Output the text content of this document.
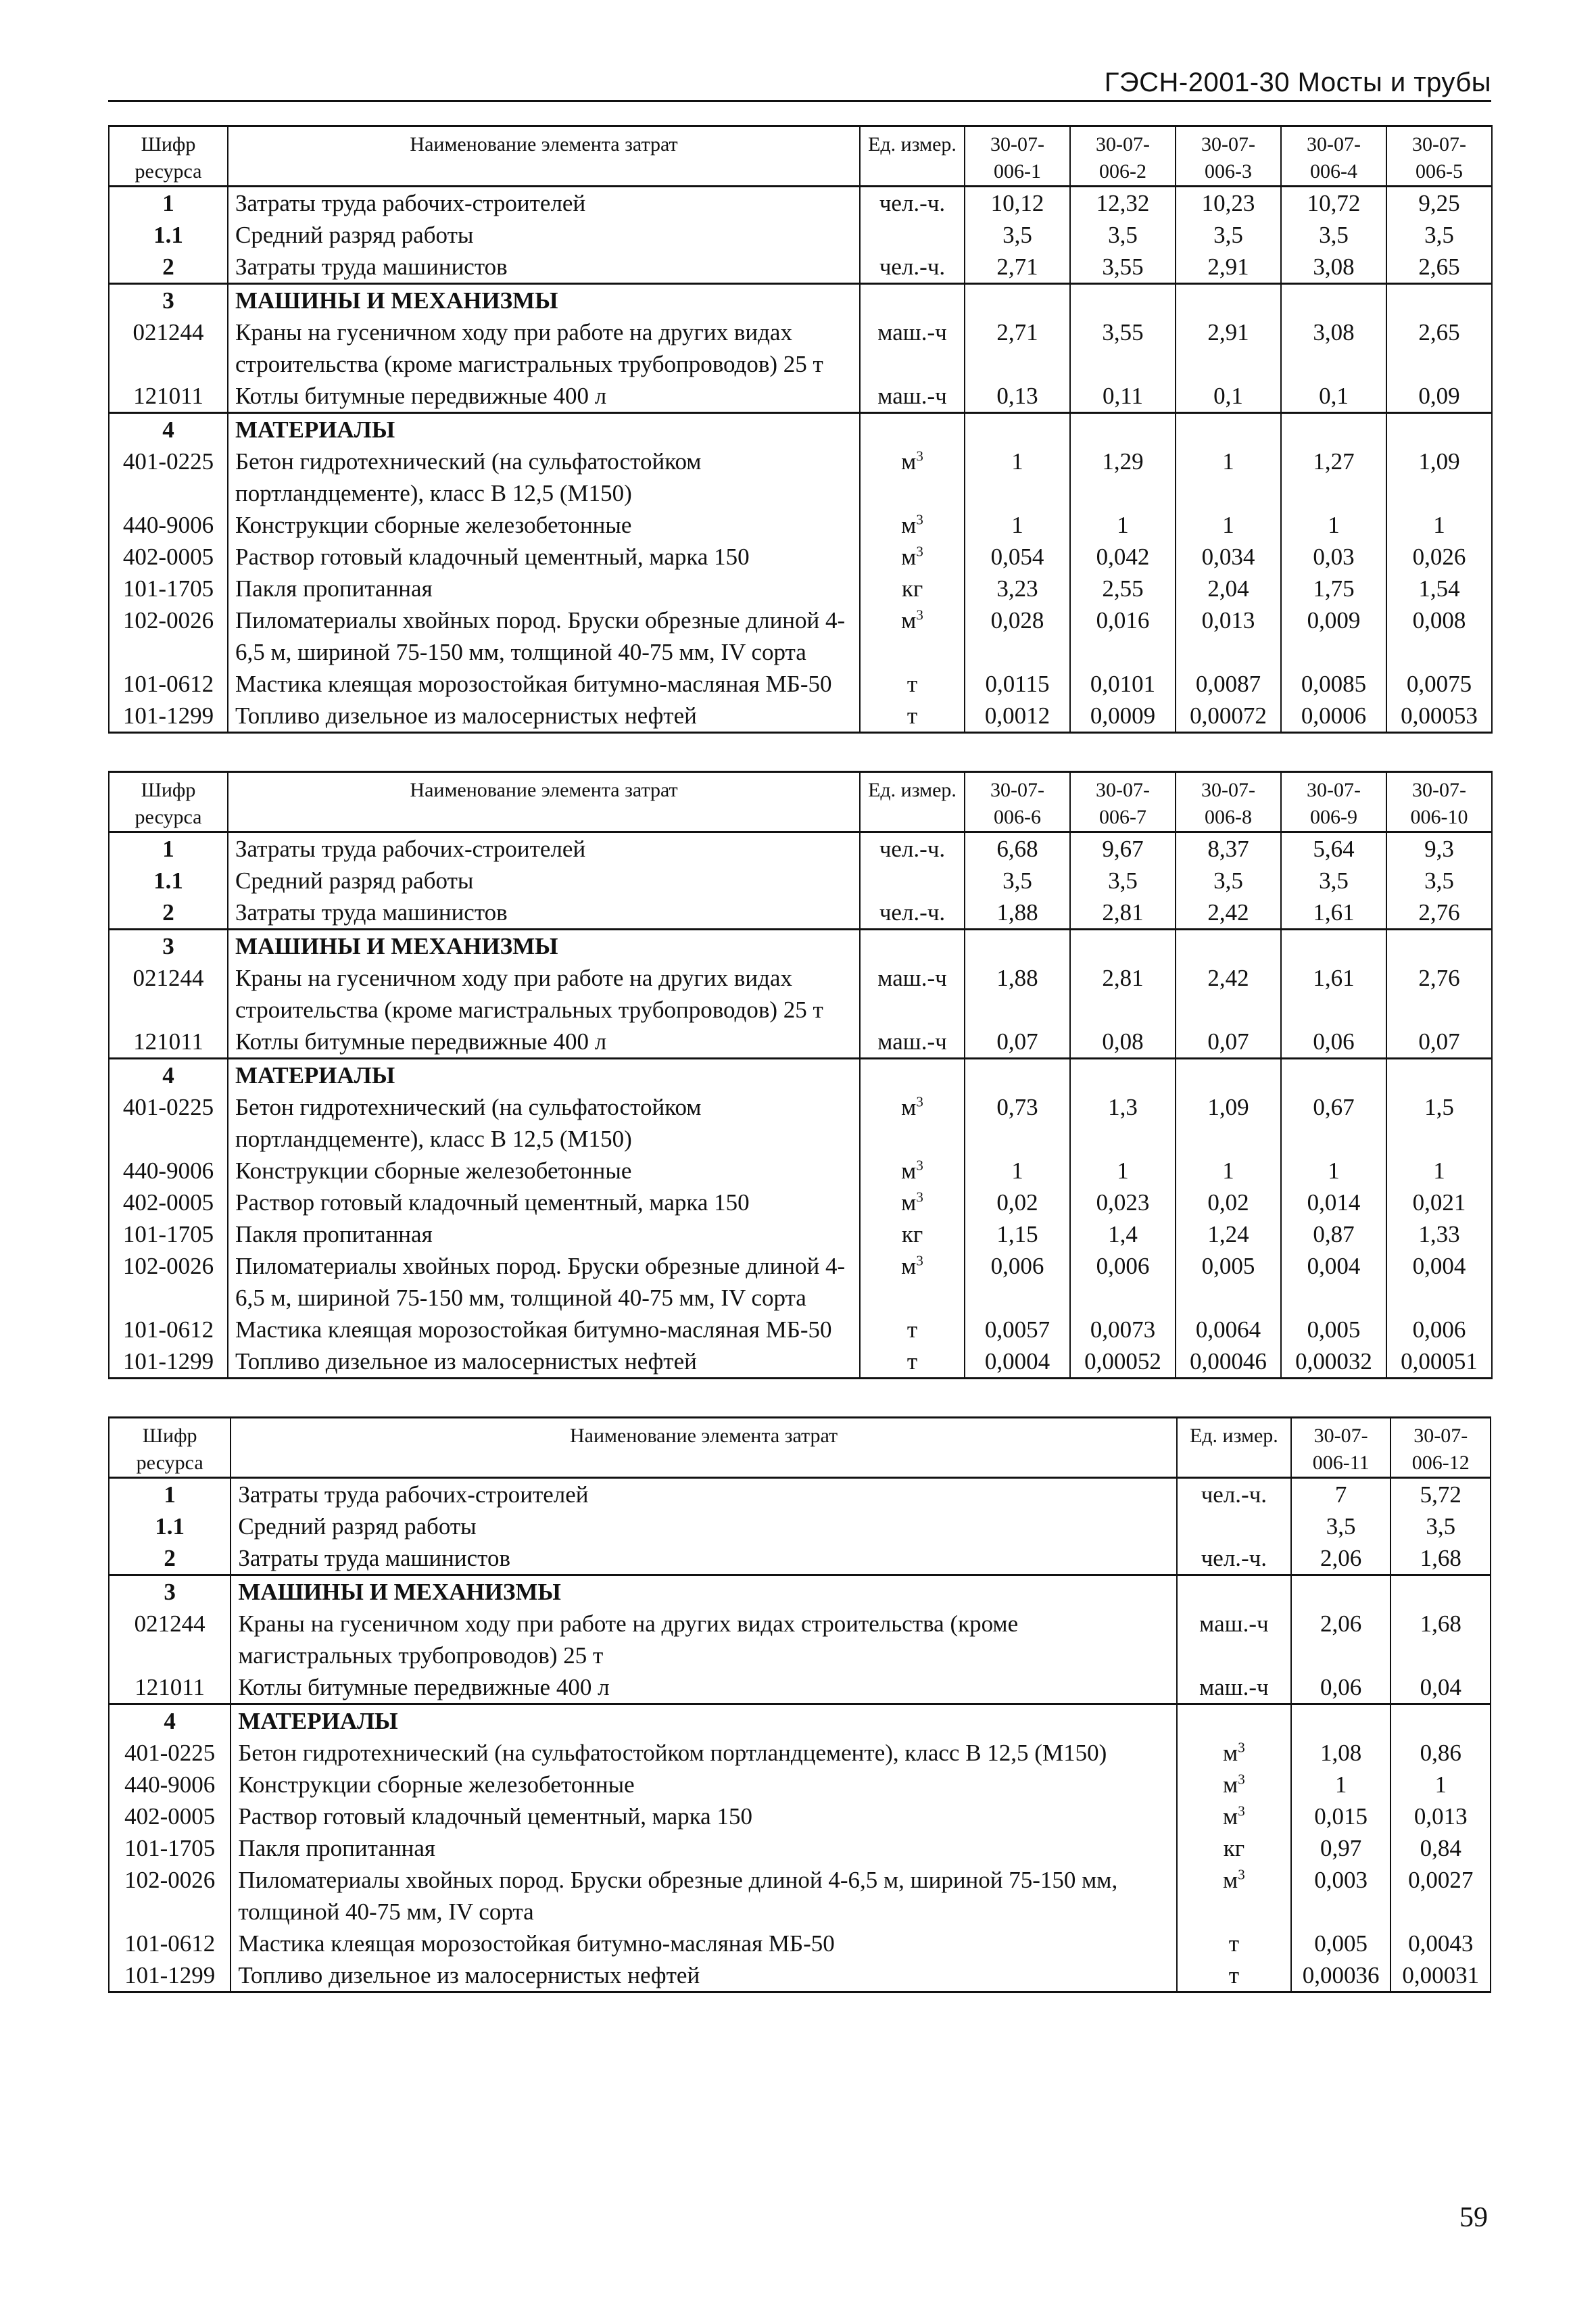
ГЭСН-2001-30 Мосты и трубы
Шифр ресурса	Наименование элемента затрат	Ед. измер.	30-07-006-1	30-07-006-2	30-07-006-3	30-07-006-4	30-07-006-5
1	Затраты труда рабочих-строителей	чел.-ч.	10,12	12,32	10,23	10,72	9,25
1.1	Средний разряд работы		3,5	3,5	3,5	3,5	3,5
2	Затраты труда машинистов	чел.-ч.	2,71	3,55	2,91	3,08	2,65
3	МАШИНЫ И МЕХАНИЗМЫ						
021244	Краны на гусеничном ходу при работе на других видах строительства (кроме магистральных трубопроводов) 25 т	маш.-ч	2,71	3,55	2,91	3,08	2,65
121011	Котлы битумные передвижные 400 л	маш.-ч	0,13	0,11	0,1	0,1	0,09
4	МАТЕРИАЛЫ						
401-0225	Бетон гидротехнический (на сульфатостойком портландцементе), класс В 12,5 (М150)	$м^3$	1	1,29	1	1,27	1,09
440-9006	Конструкции сборные железобетонные	$м^3$	1	1	1	1	1
402-0005	Раствор готовый кладочный цементный, марка 150	$м^3$	0,054	0,042	0,034	0,03	0,026
101-1705	Пакля пропитанная	кг	3,23	2,55	2,04	1,75	1,54
102-0026	Пиломатериалы хвойных пород. Бруски обрезные длиной 4-6,5 м, шириной 75-150 мм, толщиной 40-75 мм, IV сорта	$м^3$	0,028	0,016	0,013	0,009	0,008
101-0612	Мастика клеящая морозостойкая битумно-масляная МБ-50	т	0,0115	0,0101	0,0087	0,0085	0,0075
101-1299	Топливо дизельное из малосернистых нефтей	т	0,0012	0,0009	0,00072	0,0006	0,00053
Шифр ресурса	Наименование элемента затрат	Ед. измер.	30-07-006-6	30-07-006-7	30-07-006-8	30-07-006-9	30-07-006-10
1	Затраты труда рабочих-строителей	чел.-ч.	6,68	9,67	8,37	5,64	9,3
1.1	Средний разряд работы		3,5	3,5	3,5	3,5	3,5
2	Затраты труда машинистов	чел.-ч.	1,88	2,81	2,42	1,61	2,76
3	МАШИНЫ И МЕХАНИЗМЫ						
021244	Краны на гусеничном ходу при работе на других видах строительства (кроме магистральных трубопроводов) 25 т	маш.-ч	1,88	2,81	2,42	1,61	2,76
121011	Котлы битумные передвижные 400 л	маш.-ч	0,07	0,08	0,07	0,06	0,07
4	МАТЕРИАЛЫ						
401-0225	Бетон гидротехнический (на сульфатостойком портландцементе), класс В 12,5 (М150)	$м^3$	0,73	1,3	1,09	0,67	1,5
440-9006	Конструкции сборные железобетонные	$м^3$	1	1	1	1	1
402-0005	Раствор готовый кладочный цементный, марка 150	$м^3$	0,02	0,023	0,02	0,014	0,021
101-1705	Пакля пропитанная	кг	1,15	1,4	1,24	0,87	1,33
102-0026	Пиломатериалы хвойных пород. Бруски обрезные длиной 4-6,5 м, шириной 75-150 мм, толщиной 40-75 мм, IV сорта	$м^3$	0,006	0,006	0,005	0,004	0,004
101-0612	Мастика клеящая морозостойкая битумно-масляная МБ-50	т	0,0057	0,0073	0,0064	0,005	0,006
101-1299	Топливо дизельное из малосернистых нефтей	т	0,0004	0,00052	0,00046	0,00032	0,00051
Шифр ресурса	Наименование элемента затрат	Ед. измер.	30-07-006-11	30-07-006-12
1	Затраты труда рабочих-строителей	чел.-ч.	7	5,72
1.1	Средний разряд работы		3,5	3,5
2	Затраты труда машинистов	чел.-ч.	2,06	1,68
3	МАШИНЫ И МЕХАНИЗМЫ			
021244	Краны на гусеничном ходу при работе на других видах строительства (кроме магистральных трубопроводов) 25 т	маш.-ч	2,06	1,68
121011	Котлы битумные передвижные 400 л	маш.-ч	0,06	0,04
4	МАТЕРИАЛЫ			
401-0225	Бетон гидротехнический (на сульфатостойком портландцементе), класс В 12,5 (М150)	$м^3$	1,08	0,86
440-9006	Конструкции сборные железобетонные	$м^3$	1	1
402-0005	Раствор готовый кладочный цементный, марка 150	$м^3$	0,015	0,013
101-1705	Пакля пропитанная	кг	0,97	0,84
102-0026	Пиломатериалы хвойных пород. Бруски обрезные длиной 4-6,5 м, шириной 75-150 мм, толщиной 40-75 мм, IV сорта	$м^3$	0,003	0,0027
101-0612	Мастика клеящая морозостойкая битумно-масляная МБ-50	т	0,005	0,0043
101-1299	Топливо дизельное из малосернистых нефтей	т	0,00036	0,00031
59
